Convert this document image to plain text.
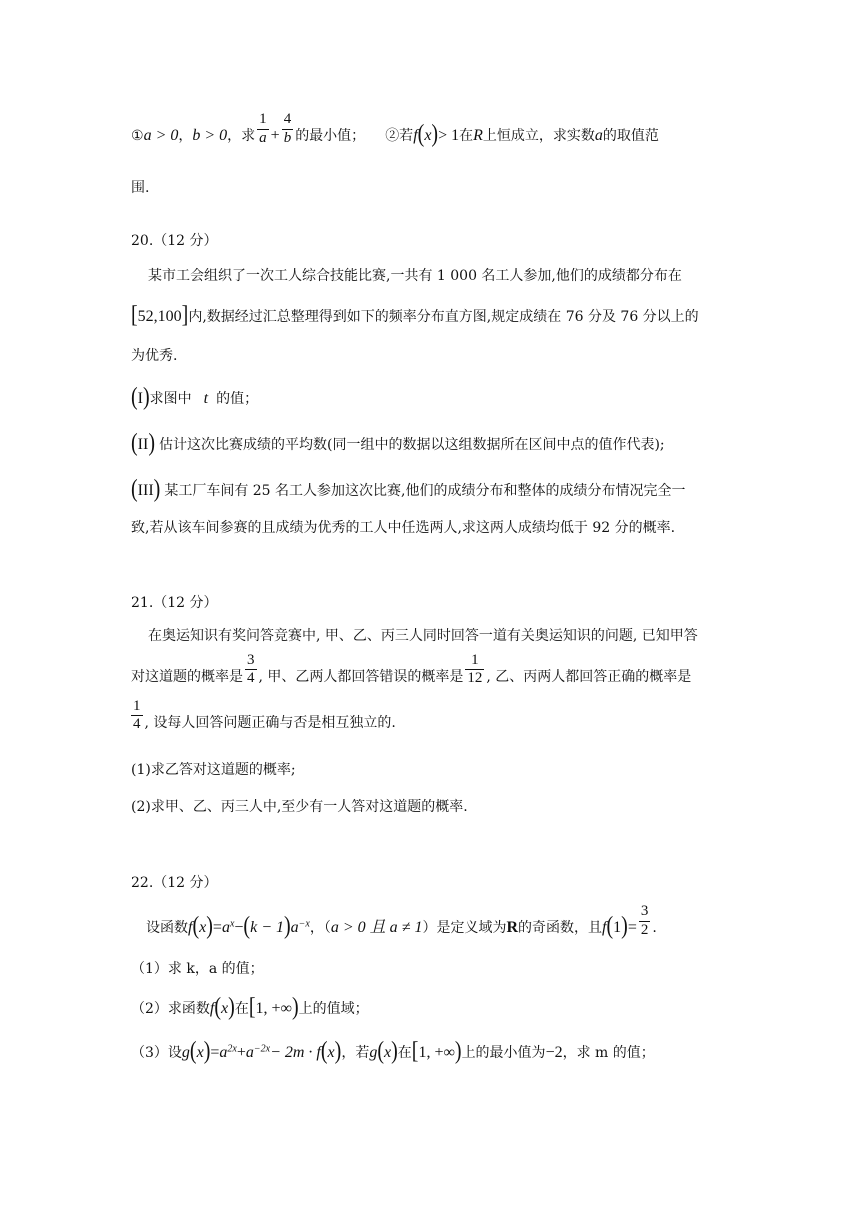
①a > 0，b > 0，求 $\frac{1}{a} + \frac{4}{b}$ 的最小值； ②若f(x)> 1在R上恒成立，求实数a的取值范
围.
20.（12 分）
某市工会组织了一次工人综合技能比赛,一共有 1 000 名工人参加,他们的成绩都分布在
[52,100]内,数据经过汇总整理得到如下的频率分布直方图,规定成绩在 76 分及 76 分以上的
为优秀.
(I)求图中 t 的值；
(II) 估计这次比赛成绩的平均数(同一组中的数据以这组数据所在区间中点的值作代表);
(III) 某工厂车间有 25 名工人参加这次比赛,他们的成绩分布和整体的成绩分布情况完全一
致,若从该车间参赛的且成绩为优秀的工人中任选两人,求这两人成绩均低于 92 分的概率.
21.（12 分）
在奥运知识有奖问答竞赛中, 甲、乙、丙三人同时回答一道有关奥运知识的问题, 已知甲答
对这道题的概率是 $\frac{3}{4}$ , 甲、乙两人都回答错误的概率是 $\frac{1}{12}$ , 乙、丙两人都回答正确的概率是
$\frac{1}{4}$ , 设每人回答问题正确与否是相互独立的.
(1)求乙答对这道题的概率;
(2)求甲、乙、丙三人中,至少有一人答对这道题的概率.
22.（12 分）
设函数$f(x)=a^x-(k - 1)a^{-x}$，（a > 0 且 a ≠ 1）是定义域为R的奇函数，且$f(1)= \frac{3}{2}$ .
（1）求 k，a 的值；
（2）求函数f(x)在[1, +∞)上的值域；
（3）设$g(x)=a^{2x}+a^{-2x}- 2m \cdot f(x)$，若g(x)在[1, +∞)上的最小值为−2，求 m 的值；
